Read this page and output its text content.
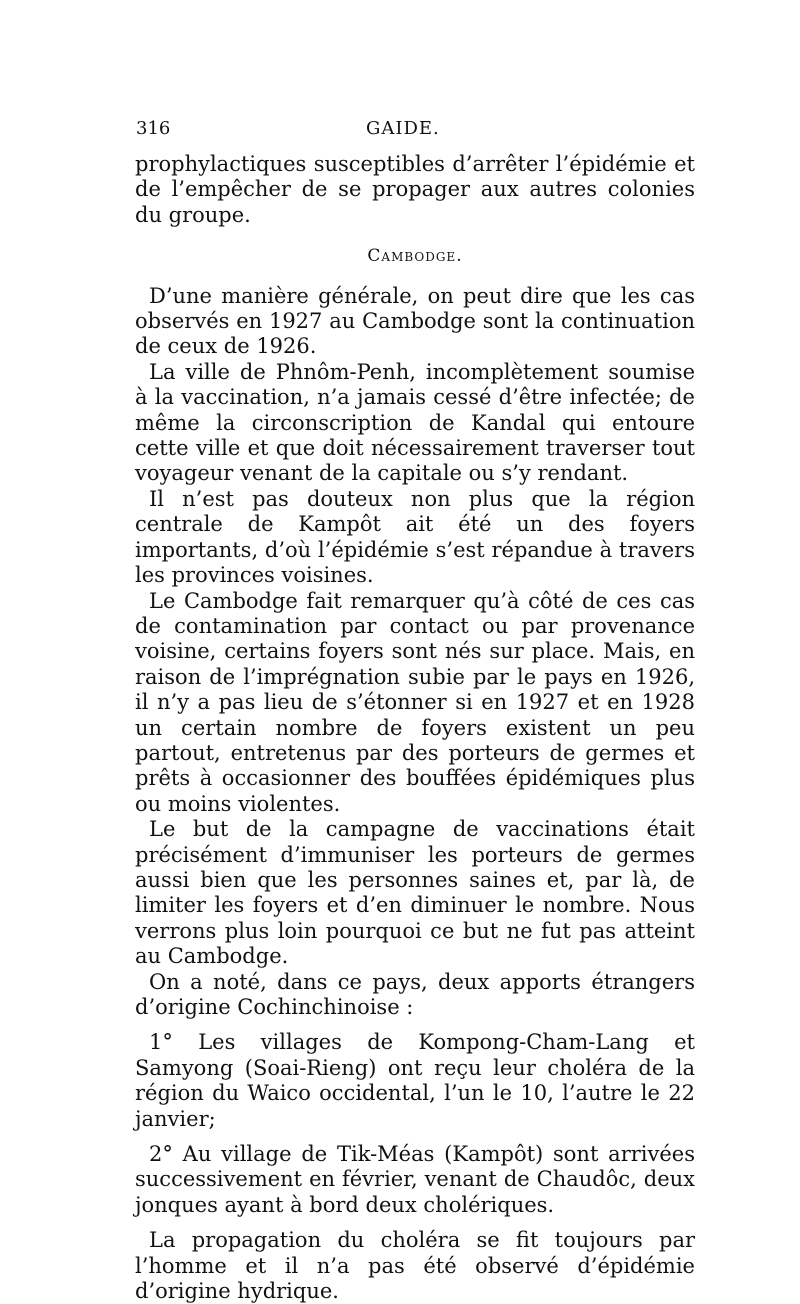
316	GAIDE.

prophylactiques susceptibles d’arrêter l’épidémie et de l’empêcher de se propager aux autres colonies du groupe.

Cambodge.

D’une manière générale, on peut dire que les cas observés en 1927 au Cambodge sont la continuation de ceux de 1926.

La ville de Phnôm-Penh, incomplètement soumise à la vaccination, n’a jamais cessé d’être infectée; de même la circonscription de Kandal qui entoure cette ville et que doit nécessairement traverser tout voyageur venant de la capitale ou s’y rendant.

Il n’est pas douteux non plus que la région centrale de Kampôt ait été un des foyers importants, d’où l’épidémie s’est répandue à travers les provinces voisines.

Le Cambodge fait remarquer qu’à côté de ces cas de contamination par contact ou par provenance voisine, certains foyers sont nés sur place. Mais, en raison de l’imprégnation subie par le pays en 1926, il n’y a pas lieu de s’étonner si en 1927 et en 1928 un certain nombre de foyers existent un peu partout, entretenus par des porteurs de germes et prêts à occasionner des bouffées épidémiques plus ou moins violentes.

Le but de la campagne de vaccinations était précisément d’immuniser les porteurs de germes aussi bien que les personnes saines et, par là, de limiter les foyers et d’en diminuer le nombre. Nous verrons plus loin pourquoi ce but ne fut pas atteint au Cambodge.

On a noté, dans ce pays, deux apports étrangers d’origine Cochinchinoise :

1° Les villages de Kompong-Cham-Lang et Samyong (Soai-Rieng) ont reçu leur choléra de la région du Waico occidental, l’un le 10, l’autre le 22 janvier;

2° Au village de Tik-Méas (Kampôt) sont arrivées successivement en février, venant de Chaudôc, deux jonques ayant à bord deux cholériques.

La propagation du choléra se fit toujours par l’homme et il n’a pas été observé d’épidémie d’origine hydrique.
